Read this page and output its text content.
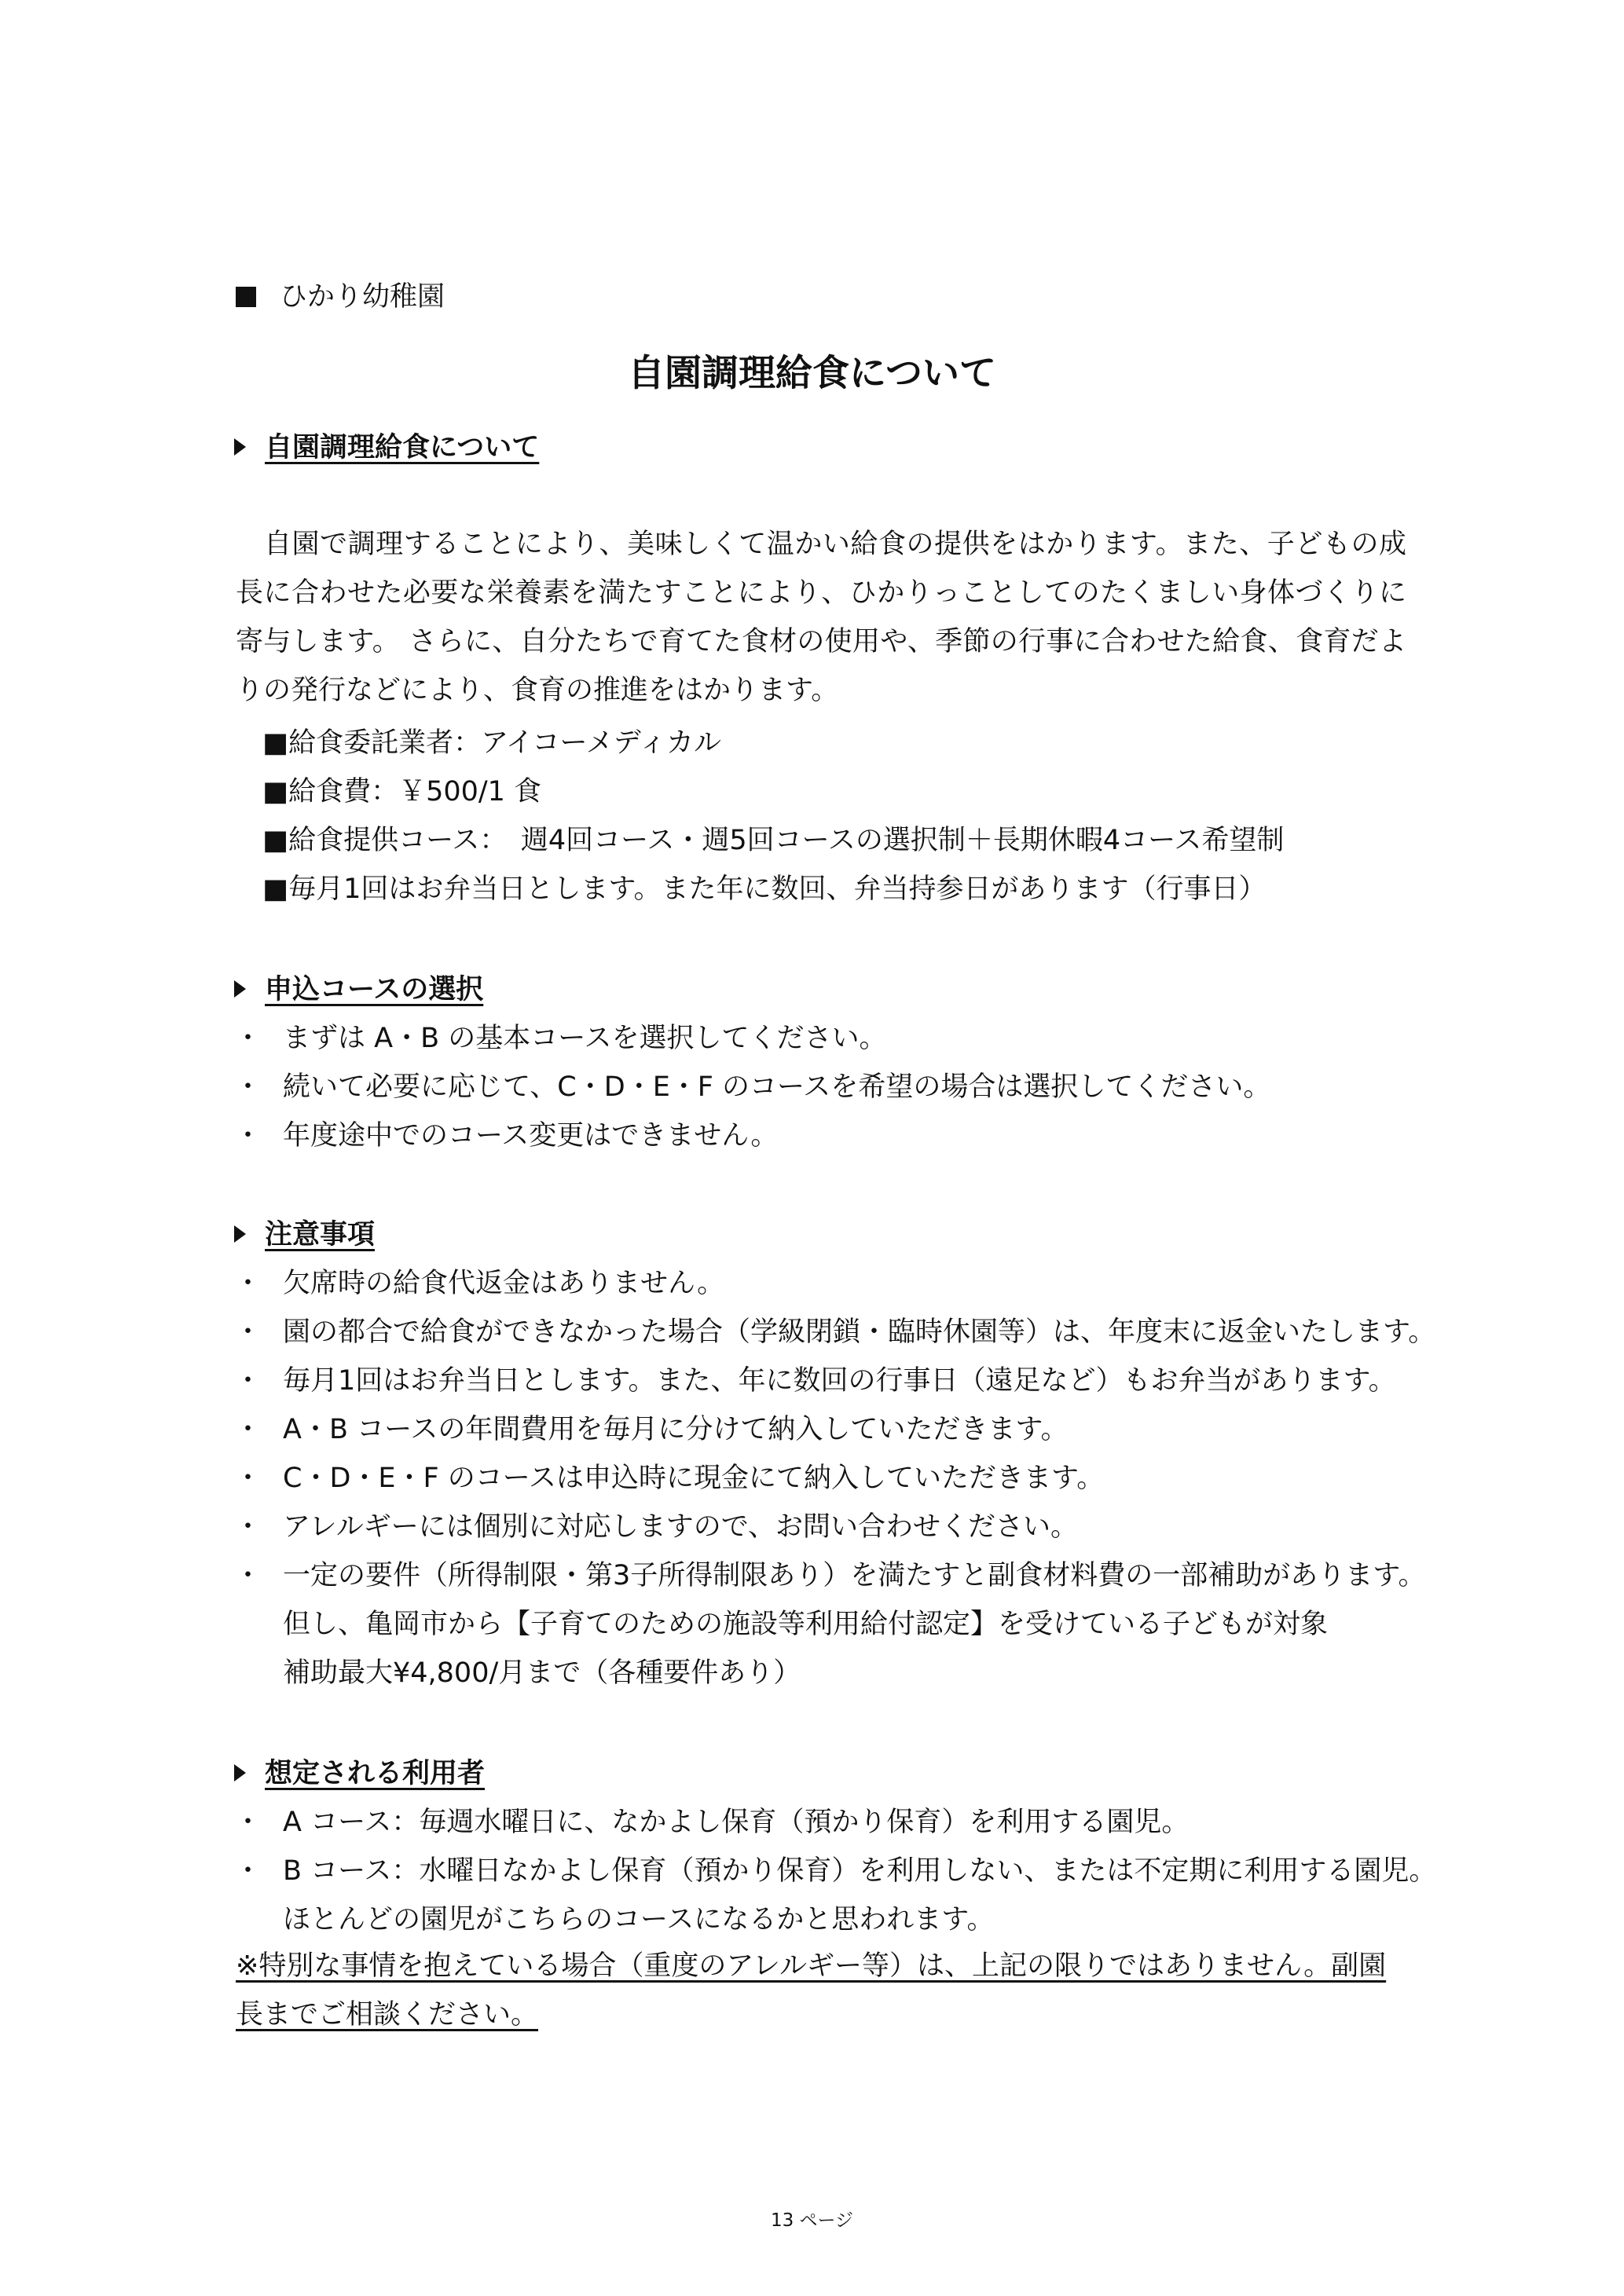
ひかり幼稚園
自園調理給食について
自園調理給食について
自園で調理することにより、美味しくて温かい給食の提供をはかります。また、子どもの成長に合わせた必要な栄養素を満たすことにより、ひかりっことしてのたくましい身体づくりに寄与します。 さらに、自分たちで育てた食材の使用や、季節の行事に合わせた給食、食育だよりの発行などにより、食育の推進をはかります。
■給食委託業者：アイコーメディカル
■給食費：￥500/1 食
■給食提供コース：　週4回コース・週5回コースの選択制＋長期休暇4コース希望制
■毎月1回はお弁当日とします。また年に数回、弁当持参日があります（行事日）
申込コースの選択
・ まずは A・B の基本コースを選択してください。
・ 続いて必要に応じて、C・D・E・F のコースを希望の場合は選択してください。
・ 年度途中でのコース変更はできません。
注意事項
・ 欠席時の給食代返金はありません。
・ 園の都合で給食ができなかった場合（学級閉鎖・臨時休園等）は、年度末に返金いたします。
・ 毎月1回はお弁当日とします。また、年に数回の行事日（遠足など）もお弁当があります。
・ A・B コースの年間費用を毎月に分けて納入していただきます。
・ C・D・E・F のコースは申込時に現金にて納入していただきます。
・ アレルギーには個別に対応しますので、お問い合わせください。
・ 一定の要件（所得制限・第3子所得制限あり）を満たすと副食材料費の一部補助があります。
但し、亀岡市から【子育てのための施設等利用給付認定】を受けている子どもが対象
補助最大¥4,800/月まで（各種要件あり）
想定される利用者
・ A コース：毎週水曜日に、なかよし保育（預かり保育）を利用する園児。
・ B コース：水曜日なかよし保育（預かり保育）を利用しない、または不定期に利用する園児。
ほとんどの園児がこちらのコースになるかと思われます。
※特別な事情を抱えている場合（重度のアレルギー等）は、上記の限りではありません。副園長までご相談ください。
13 ページ
